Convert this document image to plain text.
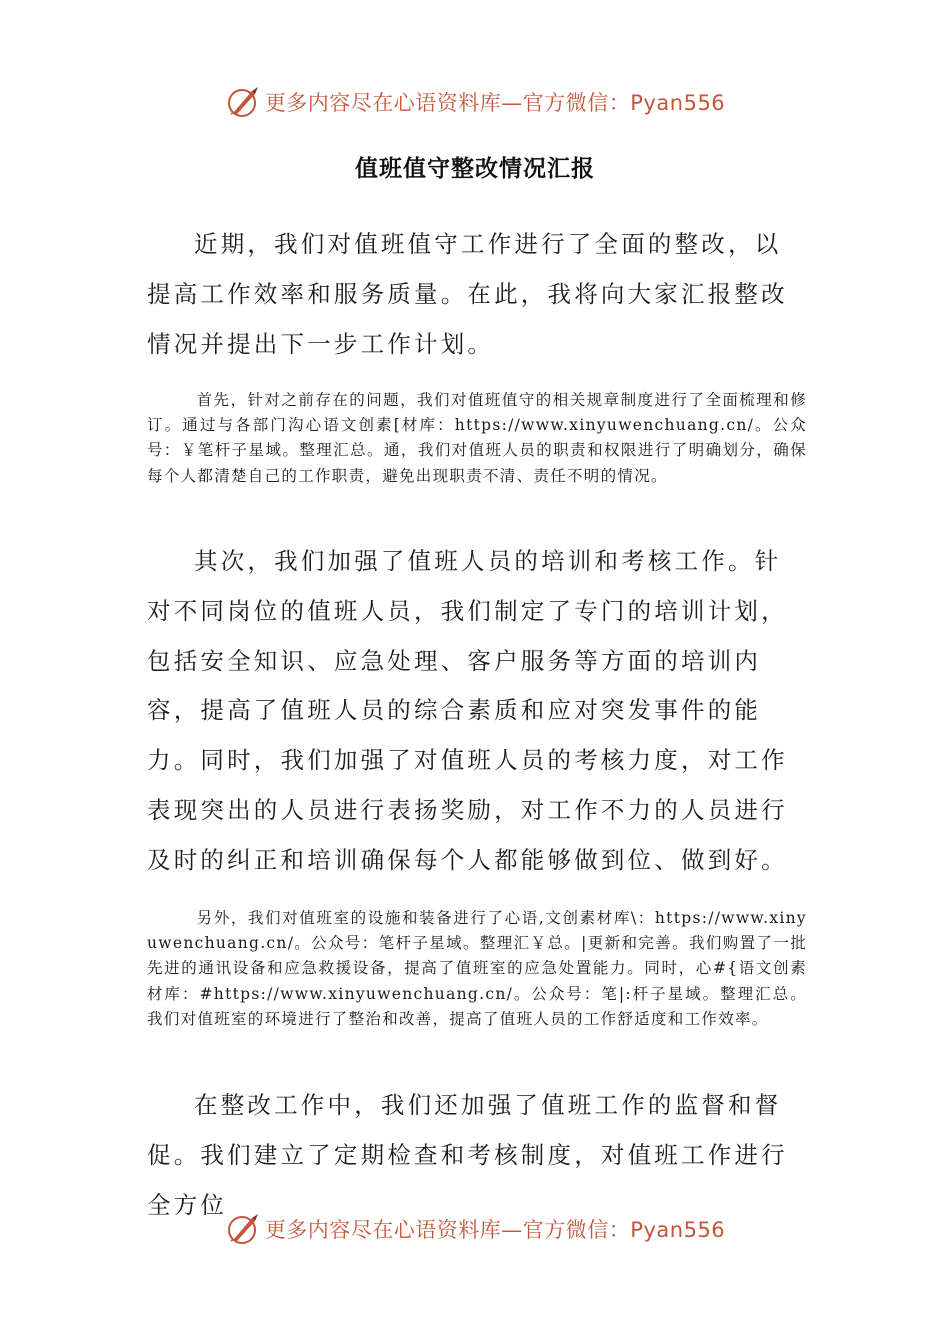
更多内容尽在心语资料库—官方微信：Pyan556
值班值守整改情况汇报

近期，我们对值班值守工作进行了全面的整改，以提高工作效率和服务质量。在此，我将向大家汇报整改情况并提出下一步工作计划。

首先，针对之前存在的问题，我们对值班值守的相关规章制度进行了全面梳理和修订。通过与各部门沟心语文创素[材库：https://www.xinyuwenchuang.cn/。公众号：￥笔杆子星域。整理汇总。通，我们对值班人员的职责和权限进行了明确划分，确保每个人都清楚自己的工作职责，避免出现职责不清、责任不明的情况。

其次，我们加强了值班人员的培训和考核工作。针对不同岗位的值班人员，我们制定了专门的培训计划，包括安全知识、应急处理、客户服务等方面的培训内容，提高了值班人员的综合素质和应对突发事件的能力。同时，我们加强了对值班人员的考核力度，对工作表现突出的人员进行表扬奖励，对工作不力的人员进行及时的纠正和培训确保每个人都能够做到位、做到好。

另外，我们对值班室的设施和装备进行了心语,文创素材库\：https://www.xinyuwenchuang.cn/。公众号：笔杆子星域。整理汇￥总。|更新和完善。我们购置了一批先进的通讯设备和应急救援设备，提高了值班室的应急处置能力。同时，心#{语文创素材库：#https://www.xinyuwenchuang.cn/。公众号：笔|:杆子星域。整理汇总。我们对值班室的环境进行了整治和改善，提高了值班人员的工作舒适度和工作效率。

在整改工作中，我们还加强了值班工作的监督和督促。我们建立了定期检查和考核制度，对值班工作进行全方位

更多内容尽在心语资料库—官方微信：Pyan556
